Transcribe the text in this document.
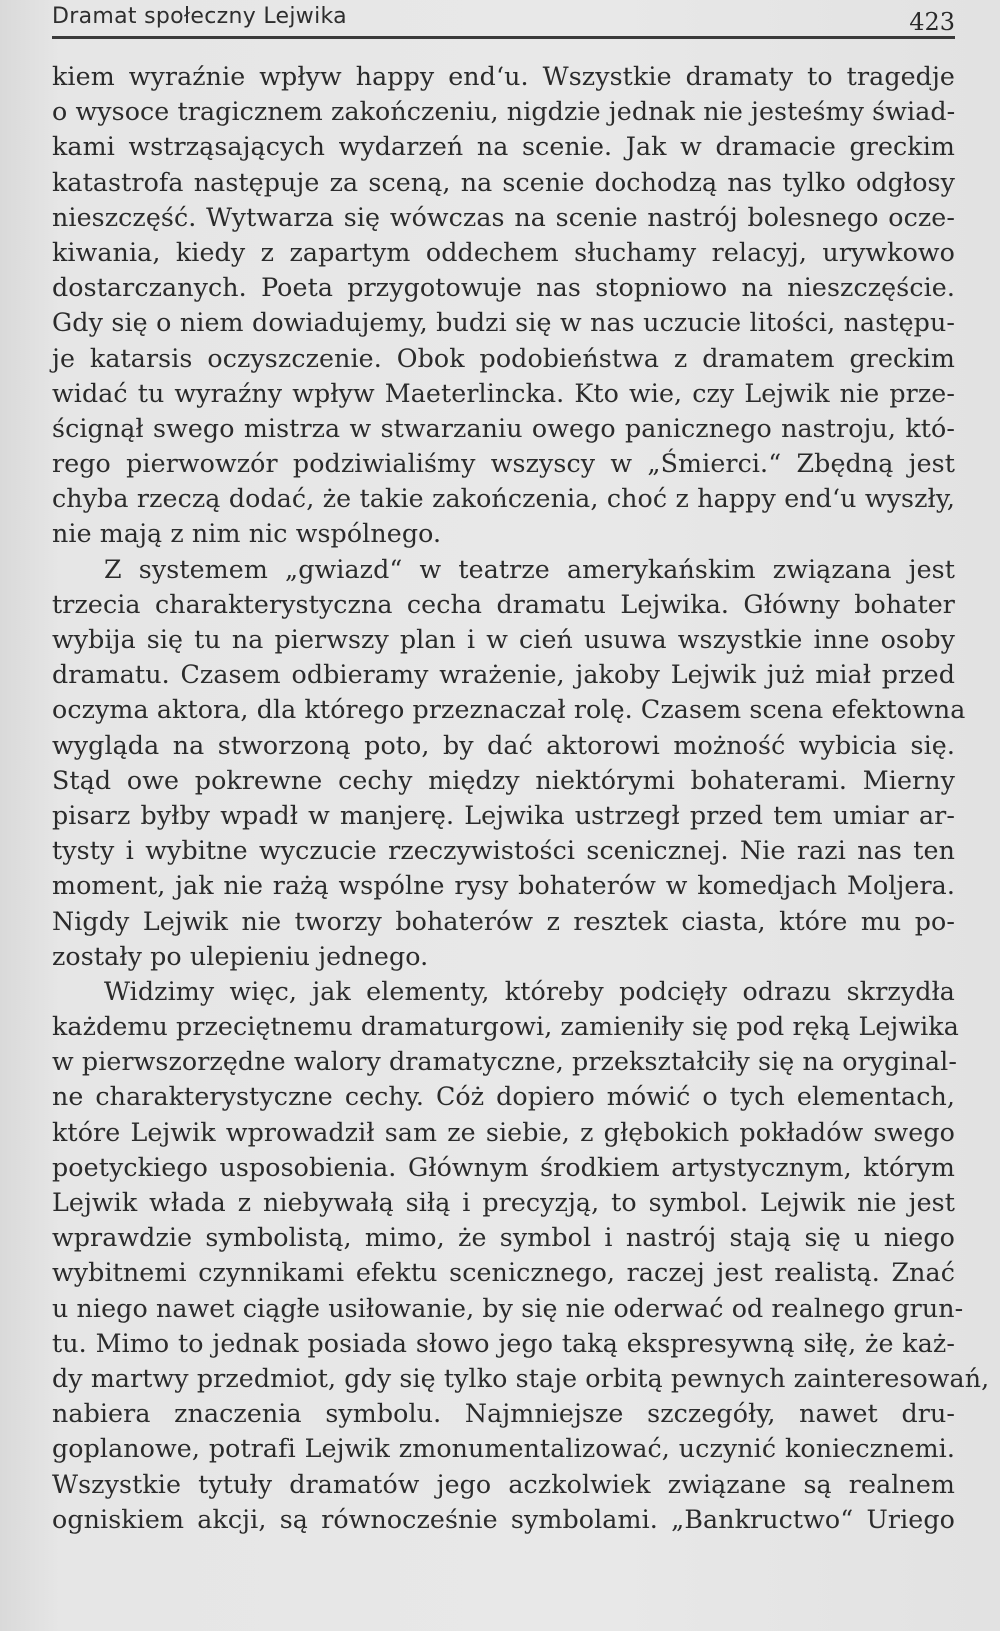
Dramat społeczny Lejwika	423
kiem wyraźnie wpływ happy end‘u. Wszystkie dramaty to tragedje
o wysoce tragicznem zakończeniu, nigdzie jednak nie jesteśmy świad-
kami wstrząsających wydarzeń na scenie. Jak w dramacie greckim
katastrofa następuje za sceną, na scenie dochodzą nas tylko odgłosy
nieszczęść. Wytwarza się wówczas na scenie nastrój bolesnego ocze-
kiwania, kiedy z zapartym oddechem słuchamy relacyj, urywkowo
dostarczanych. Poeta przygotowuje nas stopniowo na nieszczęście.
Gdy się o niem dowiadujemy, budzi się w nas uczucie litości, następu-
je katarsis oczyszczenie. Obok podobieństwa z dramatem greckim
widać tu wyraźny wpływ Maeterlincka. Kto wie, czy Lejwik nie prze-
ścignął swego mistrza w stwarzaniu owego panicznego nastroju, któ-
rego pierwowzór podziwialiśmy wszyscy w „Śmierci.“ Zbędną jest
chyba rzeczą dodać, że takie zakończenia, choć z happy end‘u wyszły,
nie mają z nim nic wspólnego.
Z systemem „gwiazd“ w teatrze amerykańskim związana jest
trzecia charakterystyczna cecha dramatu Lejwika. Główny bohater
wybija się tu na pierwszy plan i w cień usuwa wszystkie inne osoby
dramatu. Czasem odbieramy wrażenie, jakoby Lejwik już miał przed
oczyma aktora, dla którego przeznaczał rolę. Czasem scena efektowna
wygląda na stworzoną poto, by dać aktorowi możność wybicia się.
Stąd owe pokrewne cechy między niektórymi bohaterami. Mierny
pisarz byłby wpadł w manjerę. Lejwika ustrzegł przed tem umiar ar-
tysty i wybitne wyczucie rzeczywistości scenicznej. Nie razi nas ten
moment, jak nie rażą wspólne rysy bohaterów w komedjach Moljera.
Nigdy Lejwik nie tworzy bohaterów z resztek ciasta, które mu po-
zostały po ulepieniu jednego.
Widzimy więc, jak elementy, któreby podcięły odrazu skrzydła
każdemu przeciętnemu dramaturgowi, zamieniły się pod ręką Lejwika
w pierwszorzędne walory dramatyczne, przekształciły się na oryginal-
ne charakterystyczne cechy. Cóż dopiero mówić o tych elementach,
które Lejwik wprowadził sam ze siebie, z głębokich pokładów swego
poetyckiego usposobienia. Głównym środkiem artystycznym, którym
Lejwik włada z niebywałą siłą i precyzją, to symbol. Lejwik nie jest
wprawdzie symbolistą, mimo, że symbol i nastrój stają się u niego
wybitnemi czynnikami efektu scenicznego, raczej jest realistą. Znać
u niego nawet ciągłe usiłowanie, by się nie oderwać od realnego grun-
tu. Mimo to jednak posiada słowo jego taką ekspresywną siłę, że każ-
dy martwy przedmiot, gdy się tylko staje orbitą pewnych zainteresowań,
nabiera znaczenia symbolu. Najmniejsze szczegóły, nawet dru-
goplanowe, potrafi Lejwik zmonumentalizować, uczynić koniecznemi.
Wszystkie tytuły dramatów jego aczkolwiek związane są realnem
ogniskiem akcji, są równocześnie symbolami. „Bankructwo“ Uriego
